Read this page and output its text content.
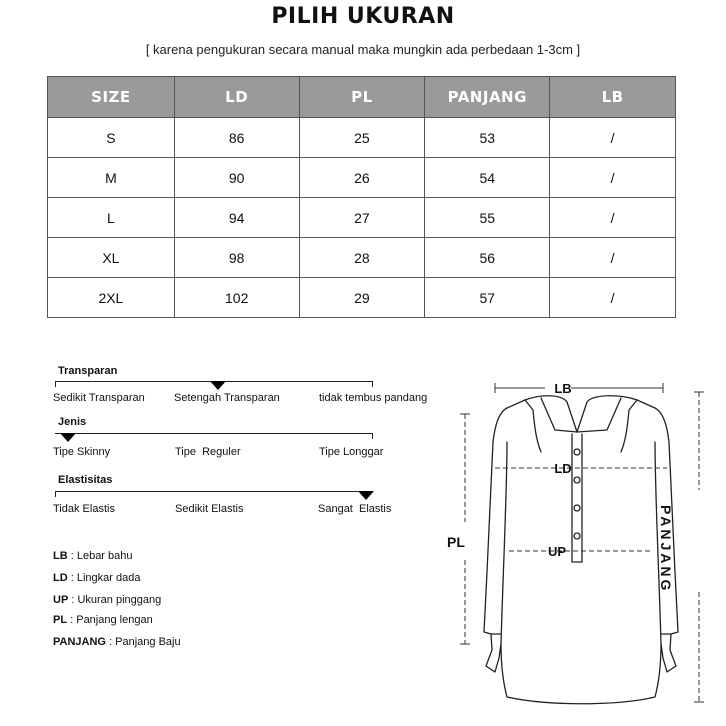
PILIH UKURAN
[ karena pengukuran secara manual maka mungkin ada perbedaan 1-3cm ]
SIZE	LD	PL	PANJANG	LB
S	86	25	53	/
M	90	26	54	/
L	94	27	55	/
XL	98	28	56	/
2XL	102	29	57	/
Transparan
Sedikit Transparan	Setengah Transparan	tidak tembus pandang
Jenis
Tipe Skinny	Tipe  Reguler	Tipe Longgar
Elastisitas
Tidak Elastis	Sedikit Elastis	Sangat  Elastis
LB : Lebar bahu
LD : Lingkar dada
UP : Ukuran pinggang
PL : Panjang lengan
PANJANG : Panjang Baju
LB
LD
UP
PL	PANJANG
